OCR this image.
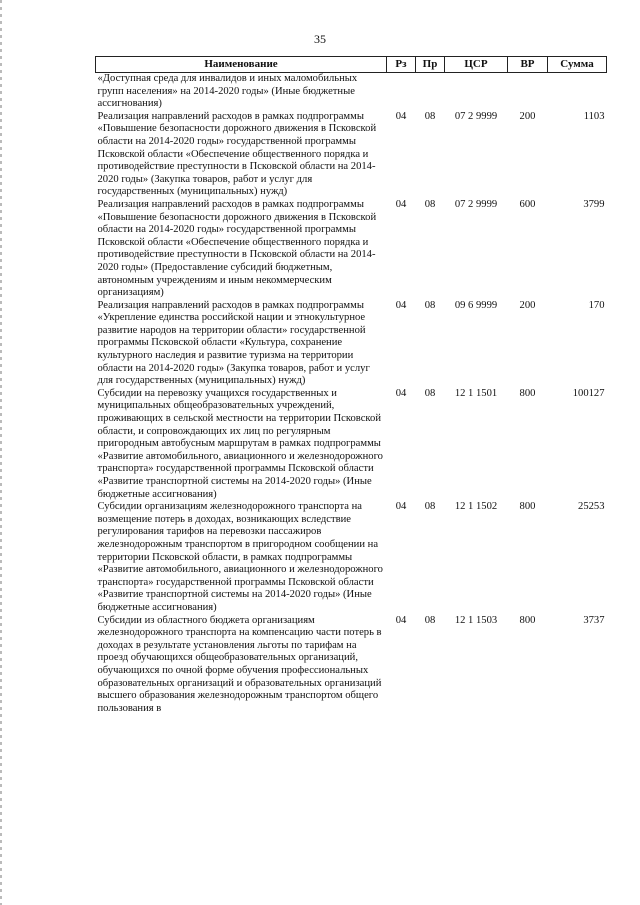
35
Наименование	Рз	Пр	ЦСР	ВР	Сумма
«Доступная среда для инвалидов и иных маломобильных групп населения» на 2014-2020 годы» (Иные бюджетные ассигнования)					
Реализация направлений расходов в рамках подпрограммы «Повышение безопасности дорожного движения в Псковской области на 2014-2020 годы» государственной программы Псковской области «Обеспечение общественного порядка и противодействие преступности в Псковской области на 2014-2020 годы» (Закупка товаров, работ и услуг для государственных (муниципальных) нужд)	04	08	07 2 9999	200	1103
Реализация направлений расходов в рамках подпрограммы «Повышение безопасности дорожного движения в Псковской области на 2014-2020 годы» государственной программы Псковской области «Обеспечение общественного порядка и противодействие преступности в Псковской области на 2014-2020 годы» (Предоставление субсидий бюджетным, автономным учреждениям и иным некоммерческим организациям)	04	08	07 2 9999	600	3799
Реализация направлений расходов в рамках подпрограммы «Укрепление единства российской нации и этнокультурное развитие народов на территории области» государственной программы Псковской области «Культура, сохранение культурного наследия и развитие туризма на территории области на 2014-2020 годы» (Закупка товаров, работ и услуг для государственных (муниципальных) нужд)	04	08	09 6 9999	200	170
Субсидии на перевозку учащихся государственных и муниципальных общеобразовательных учреждений, проживающих в сельской местности на территории Псковской области, и сопровождающих их лиц по регулярным пригородным автобусным маршрутам в рамках подпрограммы «Развитие автомобильного, авиационного и железнодорожного транспорта» государственной программы Псковской области «Развитие транспортной системы на 2014-2020 годы» (Иные бюджетные ассигнования)	04	08	12 1 1501	800	100127
Субсидии организациям железнодорожного транспорта на возмещение потерь в доходах, возникающих вследствие регулирования тарифов на перевозки пассажиров железнодорожным транспортом в пригородном сообщении на территории Псковской области, в рамках подпрограммы «Развитие автомобильного, авиационного и железнодорожного транспорта» государственной программы Псковской области «Развитие транспортной системы на 2014-2020 годы» (Иные бюджетные ассигнования)	04	08	12 1 1502	800	25253
Субсидии из областного бюджета организациям железнодорожного транспорта на компенсацию части потерь в доходах в результате установления льготы по тарифам на проезд обучающихся общеобразовательных организаций, обучающихся по очной форме обучения профессиональных образовательных организаций и образовательных организаций высшего образования железнодорожным транспортом общего пользования в	04	08	12 1 1503	800	3737
